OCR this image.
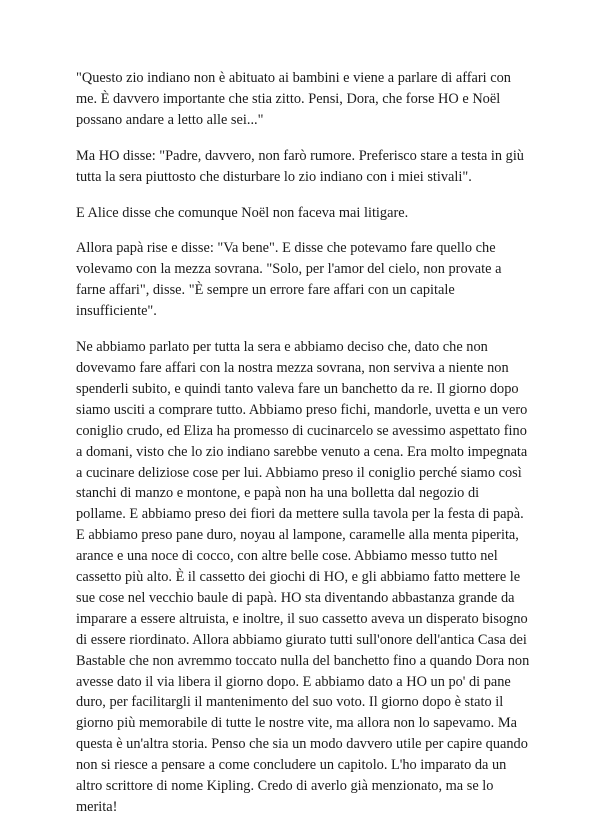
"Questo zio indiano non è abituato ai bambini e viene a parlare di affari con me. È davvero importante che stia zitto. Pensi, Dora, che forse HO e Noël possano andare a letto alle sei..."

Ma HO disse: "Padre, davvero, non farò rumore. Preferisco stare a testa in giù tutta la sera piuttosto che disturbare lo zio indiano con i miei stivali".

E Alice disse che comunque Noël non faceva mai litigare.

Allora papà rise e disse: "Va bene". E disse che potevamo fare quello che volevamo con la mezza sovrana. "Solo, per l'amor del cielo, non provate a farne affari", disse. "È sempre un errore fare affari con un capitale insufficiente".

Ne abbiamo parlato per tutta la sera e abbiamo deciso che, dato che non dovevamo fare affari con la nostra mezza sovrana, non serviva a niente non spenderli subito, e quindi tanto valeva fare un banchetto da re. Il giorno dopo siamo usciti a comprare tutto. Abbiamo preso fichi, mandorle, uvetta e un vero coniglio crudo, ed Eliza ha promesso di cucinarcelo se avessimo aspettato fino a domani, visto che lo zio indiano sarebbe venuto a cena. Era molto impegnata a cucinare deliziose cose per lui. Abbiamo preso il coniglio perché siamo così stanchi di manzo e montone, e papà non ha una bolletta dal negozio di pollame. E abbiamo preso dei fiori da mettere sulla tavola per la festa di papà. E abbiamo preso pane duro, noyau al lampone, caramelle alla menta piperita, arance e una noce di cocco, con altre belle cose. Abbiamo messo tutto nel cassetto più alto. È il cassetto dei giochi di HO, e gli abbiamo fatto mettere le sue cose nel vecchio baule di papà. HO sta diventando abbastanza grande da imparare a essere altruista, e inoltre, il suo cassetto aveva un disperato bisogno di essere riordinato. Allora abbiamo giurato tutti sull'onore dell'antica Casa dei Bastable che non avremmo toccato nulla del banchetto fino a quando Dora non avesse dato il via libera il giorno dopo. E abbiamo dato a HO un po' di pane duro, per facilitargli il mantenimento del suo voto. Il giorno dopo è stato il giorno più memorabile di tutte le nostre vite, ma allora non lo sapevamo. Ma questa è un'altra storia. Penso che sia un modo davvero utile per capire quando non si riesce a pensare a come concludere un capitolo. L'ho imparato da un altro scrittore di nome Kipling. Credo di averlo già menzionato, ma se lo merita!
